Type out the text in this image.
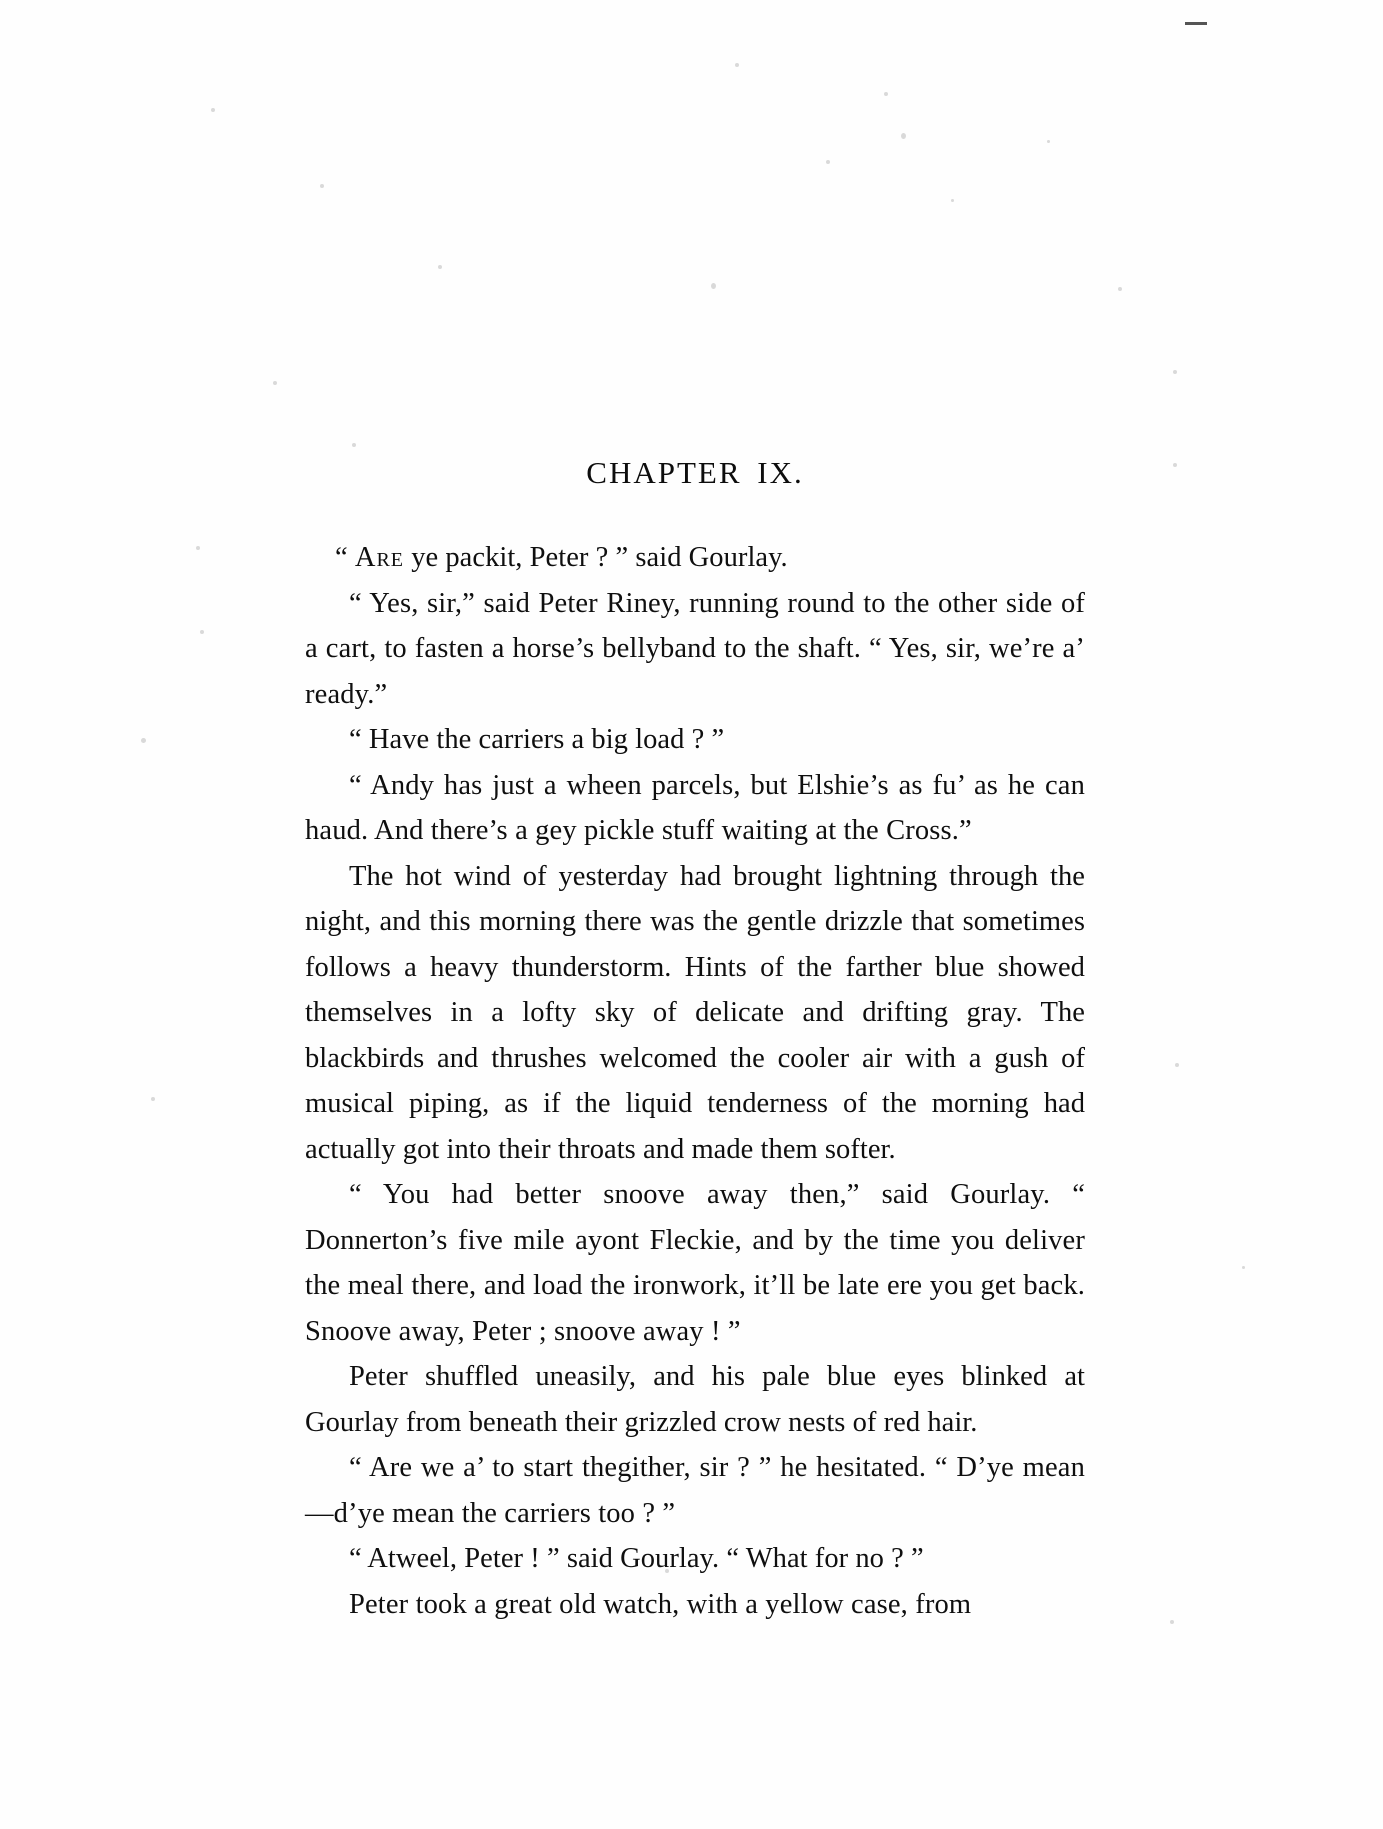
CHAPTER IX.

“ Are ye packit, Peter ? ” said Gourlay.

“ Yes, sir,” said Peter Riney, running round to the other side of a cart, to fasten a horse’s bellyband to the shaft. “ Yes, sir, we’re a’ ready.”

“ Have the carriers a big load ? ”

“ Andy has just a wheen parcels, but Elshie’s as fu’ as he can haud. And there’s a gey pickle stuff waiting at the Cross.”

The hot wind of yesterday had brought lightning through the night, and this morning there was the gentle drizzle that sometimes follows a heavy thunderstorm. Hints of the farther blue showed themselves in a lofty sky of delicate and drifting gray. The blackbirds and thrushes welcomed the cooler air with a gush of musical piping, as if the liquid tenderness of the morning had actually got into their throats and made them softer.

“ You had better snoove away then,” said Gourlay. “ Donnerton’s five mile ayont Fleckie, and by the time you deliver the meal there, and load the ironwork, it’ll be late ere you get back. Snoove away, Peter ; snoove away ! ”

Peter shuffled uneasily, and his pale blue eyes blinked at Gourlay from beneath their grizzled crow nests of red hair.

“ Are we a’ to start thegither, sir ? ” he hesitated. “ D’ye mean—d’ye mean the carriers too ? ”

“ Atweel, Peter ! ” said Gourlay. “ What for no ? ”

Peter took a great old watch, with a yellow case, from
